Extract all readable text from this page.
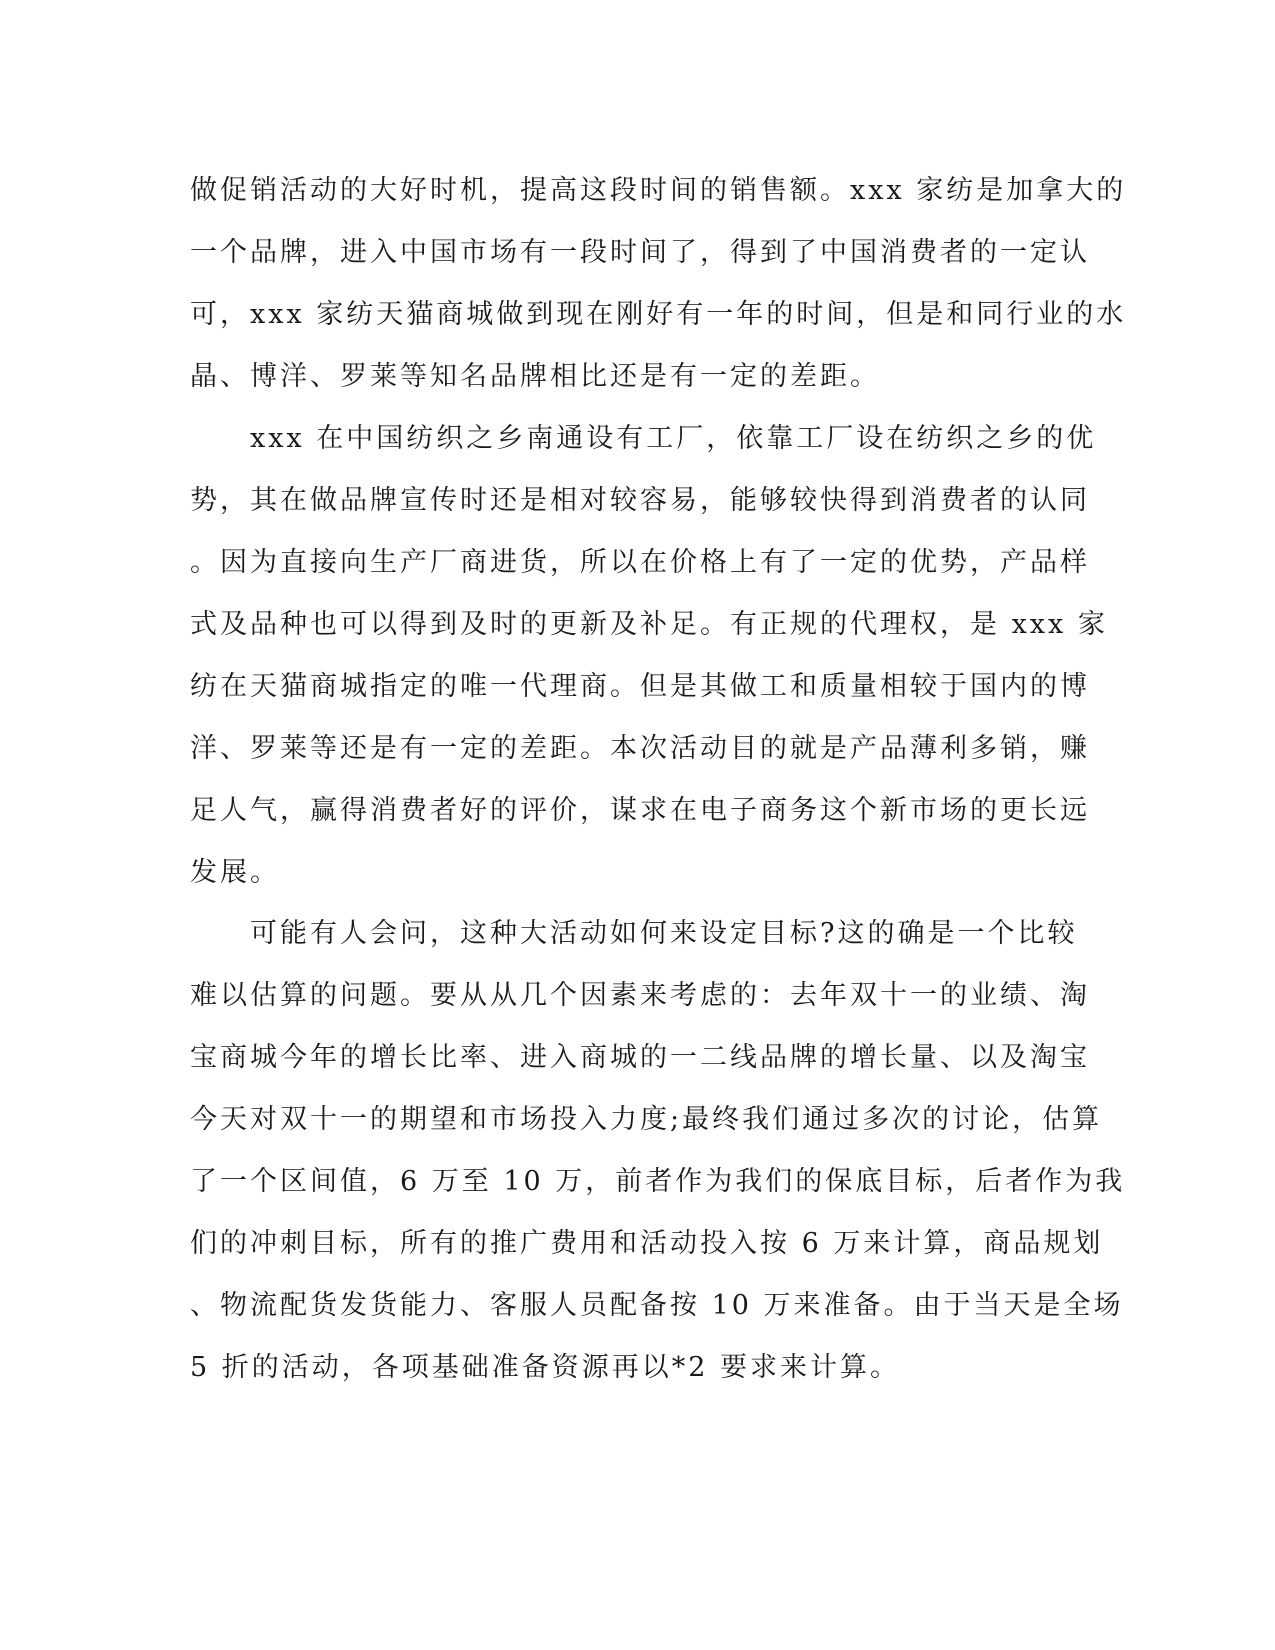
做促销活动的大好时机，提高这段时间的销售额。xxx 家纺是加拿大的
一个品牌，进入中国市场有一段时间了，得到了中国消费者的一定认
可，xxx 家纺天猫商城做到现在刚好有一年的时间，但是和同行业的水
晶、博洋、罗莱等知名品牌相比还是有一定的差距。
　　xxx 在中国纺织之乡南通设有工厂，依靠工厂设在纺织之乡的优
势，其在做品牌宣传时还是相对较容易，能够较快得到消费者的认同
。因为直接向生产厂商进货，所以在价格上有了一定的优势，产品样
式及品种也可以得到及时的更新及补足。有正规的代理权，是 xxx 家
纺在天猫商城指定的唯一代理商。但是其做工和质量相较于国内的博
洋、罗莱等还是有一定的差距。本次活动目的就是产品薄利多销，赚
足人气，赢得消费者好的评价，谋求在电子商务这个新市场的更长远
发展。
　　可能有人会问，这种大活动如何来设定目标?这的确是一个比较
难以估算的问题。要从从几个因素来考虑的：去年双十一的业绩、淘
宝商城今年的增长比率、进入商城的一二线品牌的增长量、以及淘宝
今天对双十一的期望和市场投入力度;最终我们通过多次的讨论，估算
了一个区间值，6 万至 10 万，前者作为我们的保底目标，后者作为我
们的冲刺目标，所有的推广费用和活动投入按 6 万来计算，商品规划
、物流配货发货能力、客服人员配备按 10 万来准备。由于当天是全场
5 折的活动，各项基础准备资源再以*2 要求来计算。
